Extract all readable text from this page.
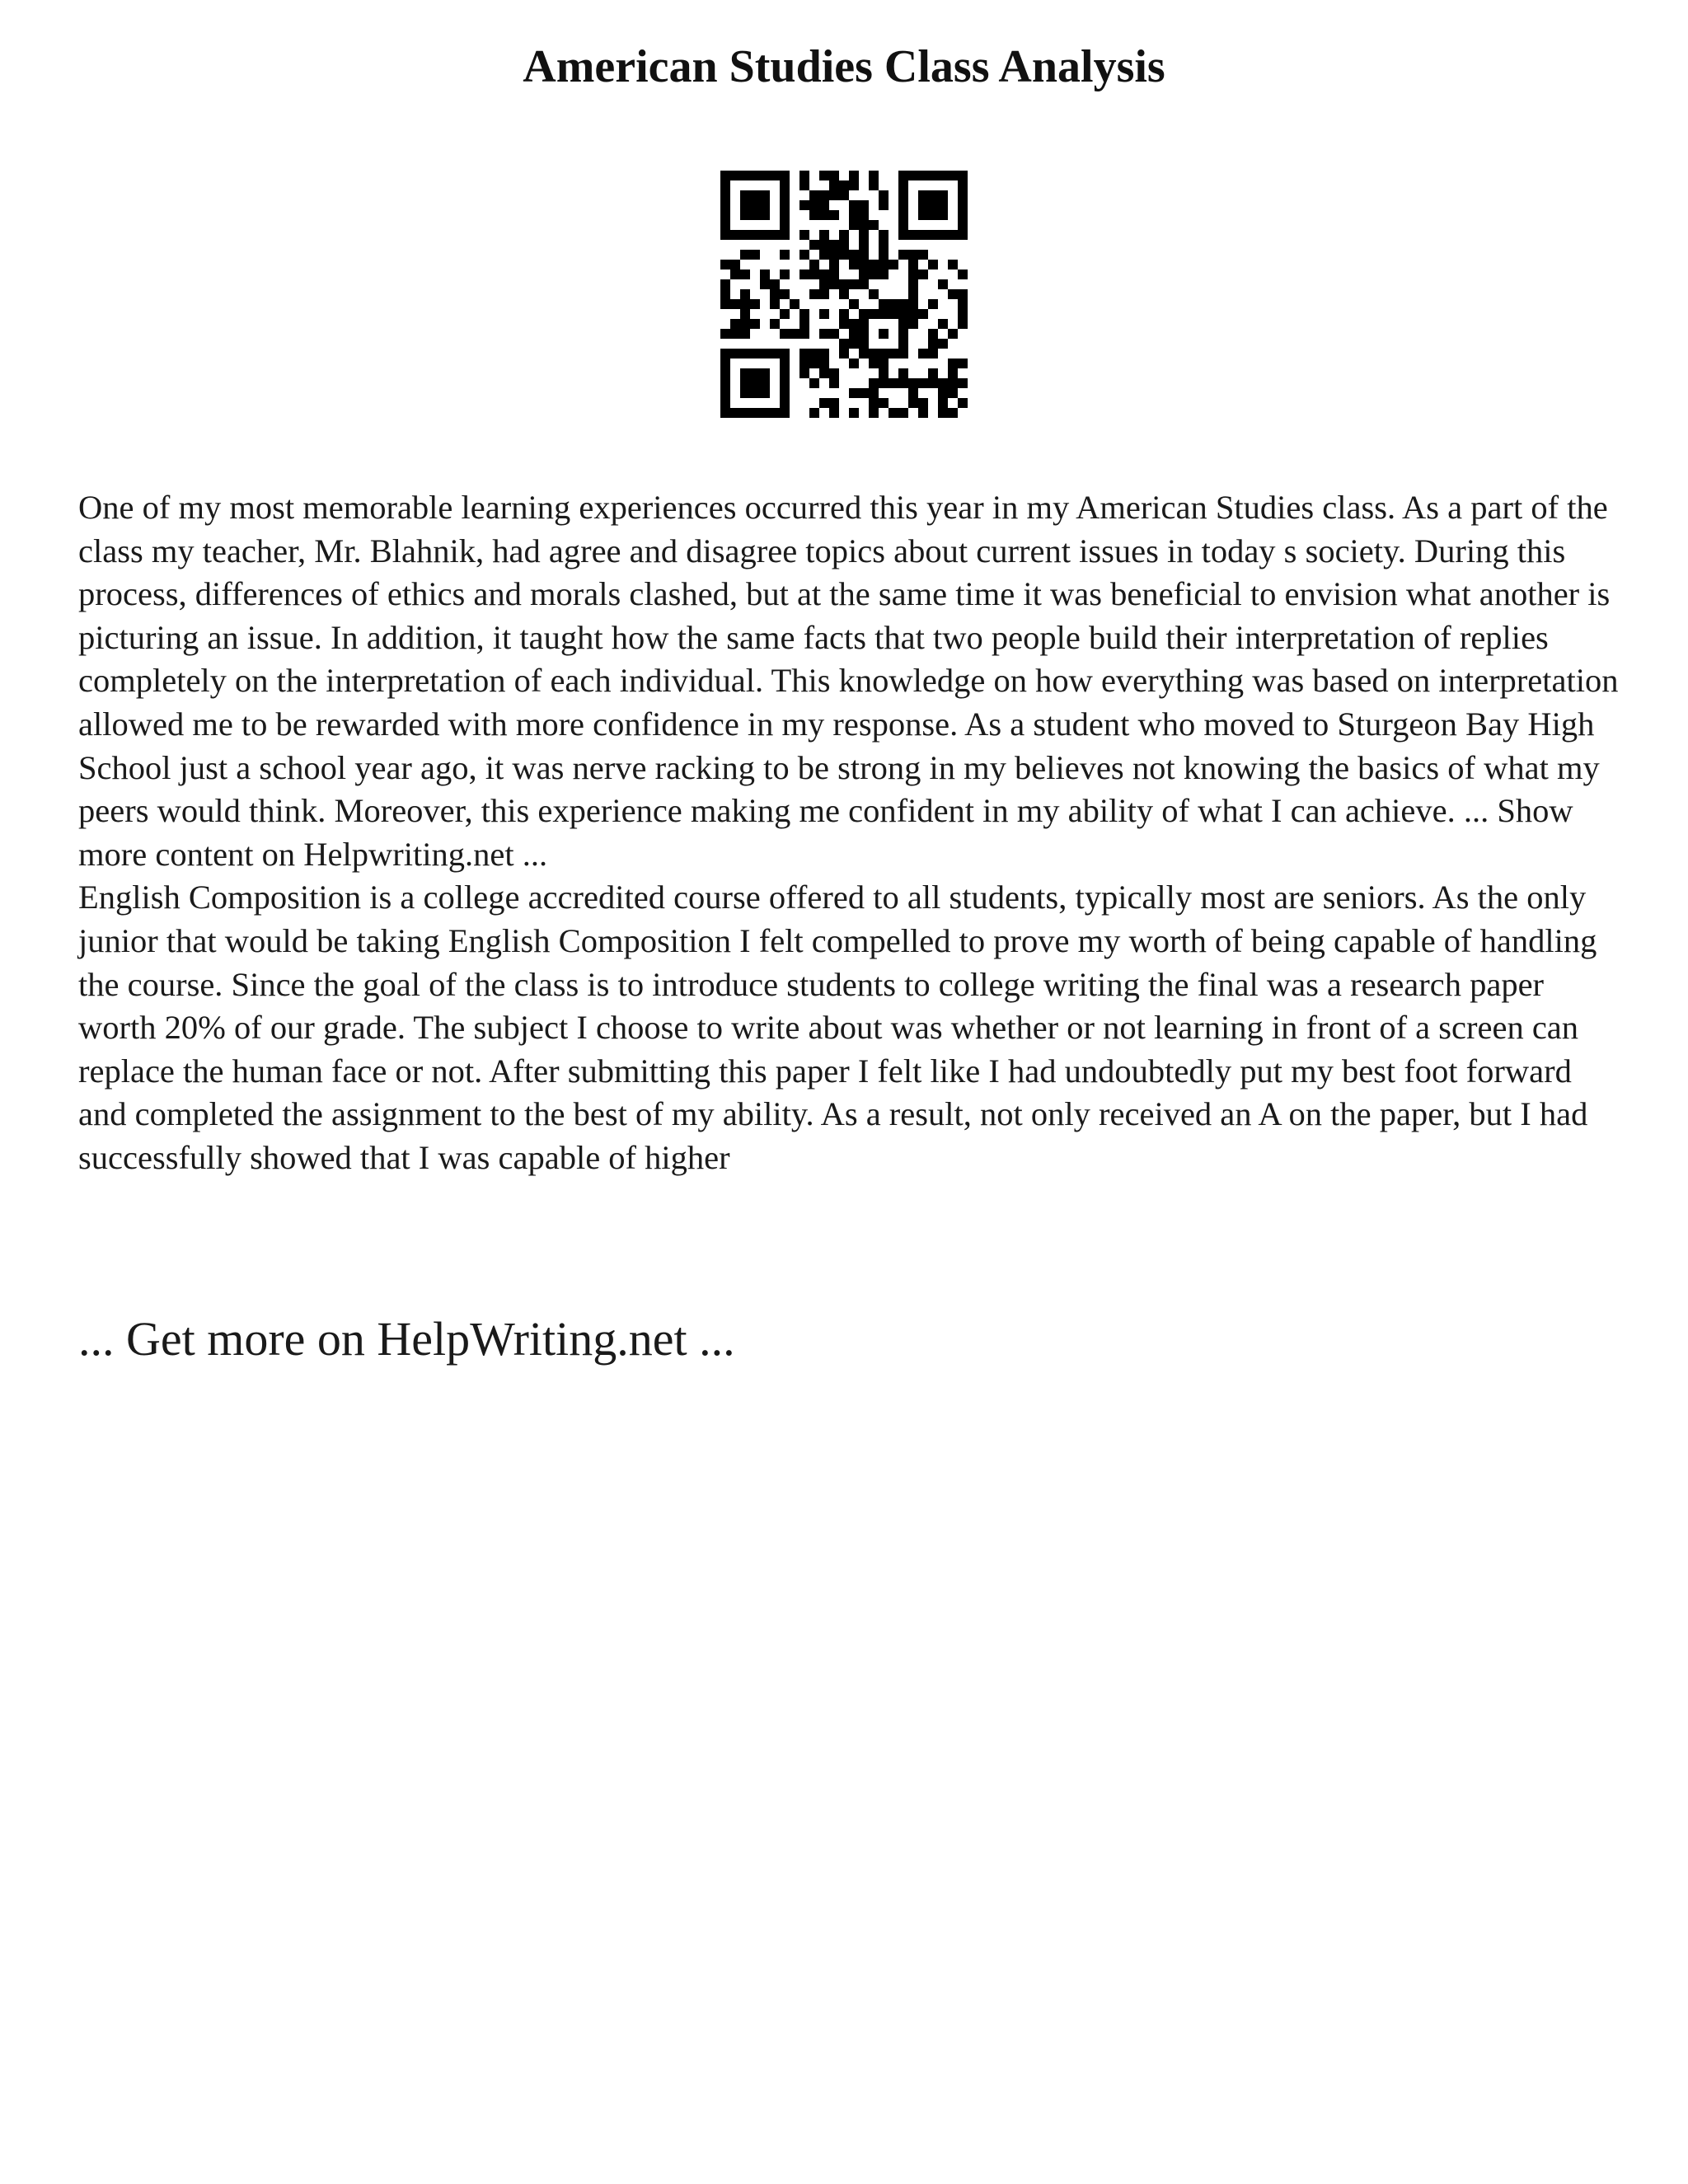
American Studies Class Analysis

One of my most memorable learning experiences occurred this year in my American Studies class. As a part of the class my teacher, Mr. Blahnik, had agree and disagree topics about current issues in today s society. During this process, differences of ethics and morals clashed, but at the same time it was beneficial to envision what another is picturing an issue. In addition, it taught how the same facts that two people build their interpretation of replies completely on the interpretation of each individual. This knowledge on how everything was based on interpretation allowed me to be rewarded with more confidence in my response. As a student who moved to Sturgeon Bay High School just a school year ago, it was nerve racking to be strong in my believes not knowing the basics of what my peers would think. Moreover, this experience making me confident in my ability of what I can achieve. ... Show more content on Helpwriting.net ...

English Composition is a college accredited course offered to all students, typically most are seniors. As the only junior that would be taking English Composition I felt compelled to prove my worth of being capable of handling the course. Since the goal of the class is to introduce students to college writing the final was a research paper worth 20% of our grade. The subject I choose to write about was whether or not learning in front of a screen can replace the human face or not. After submitting this paper I felt like I had undoubtedly put my best foot forward and completed the assignment to the best of my ability. As a result, not only received an A on the paper, but I had successfully showed that I was capable of higher

... Get more on HelpWriting.net ...
